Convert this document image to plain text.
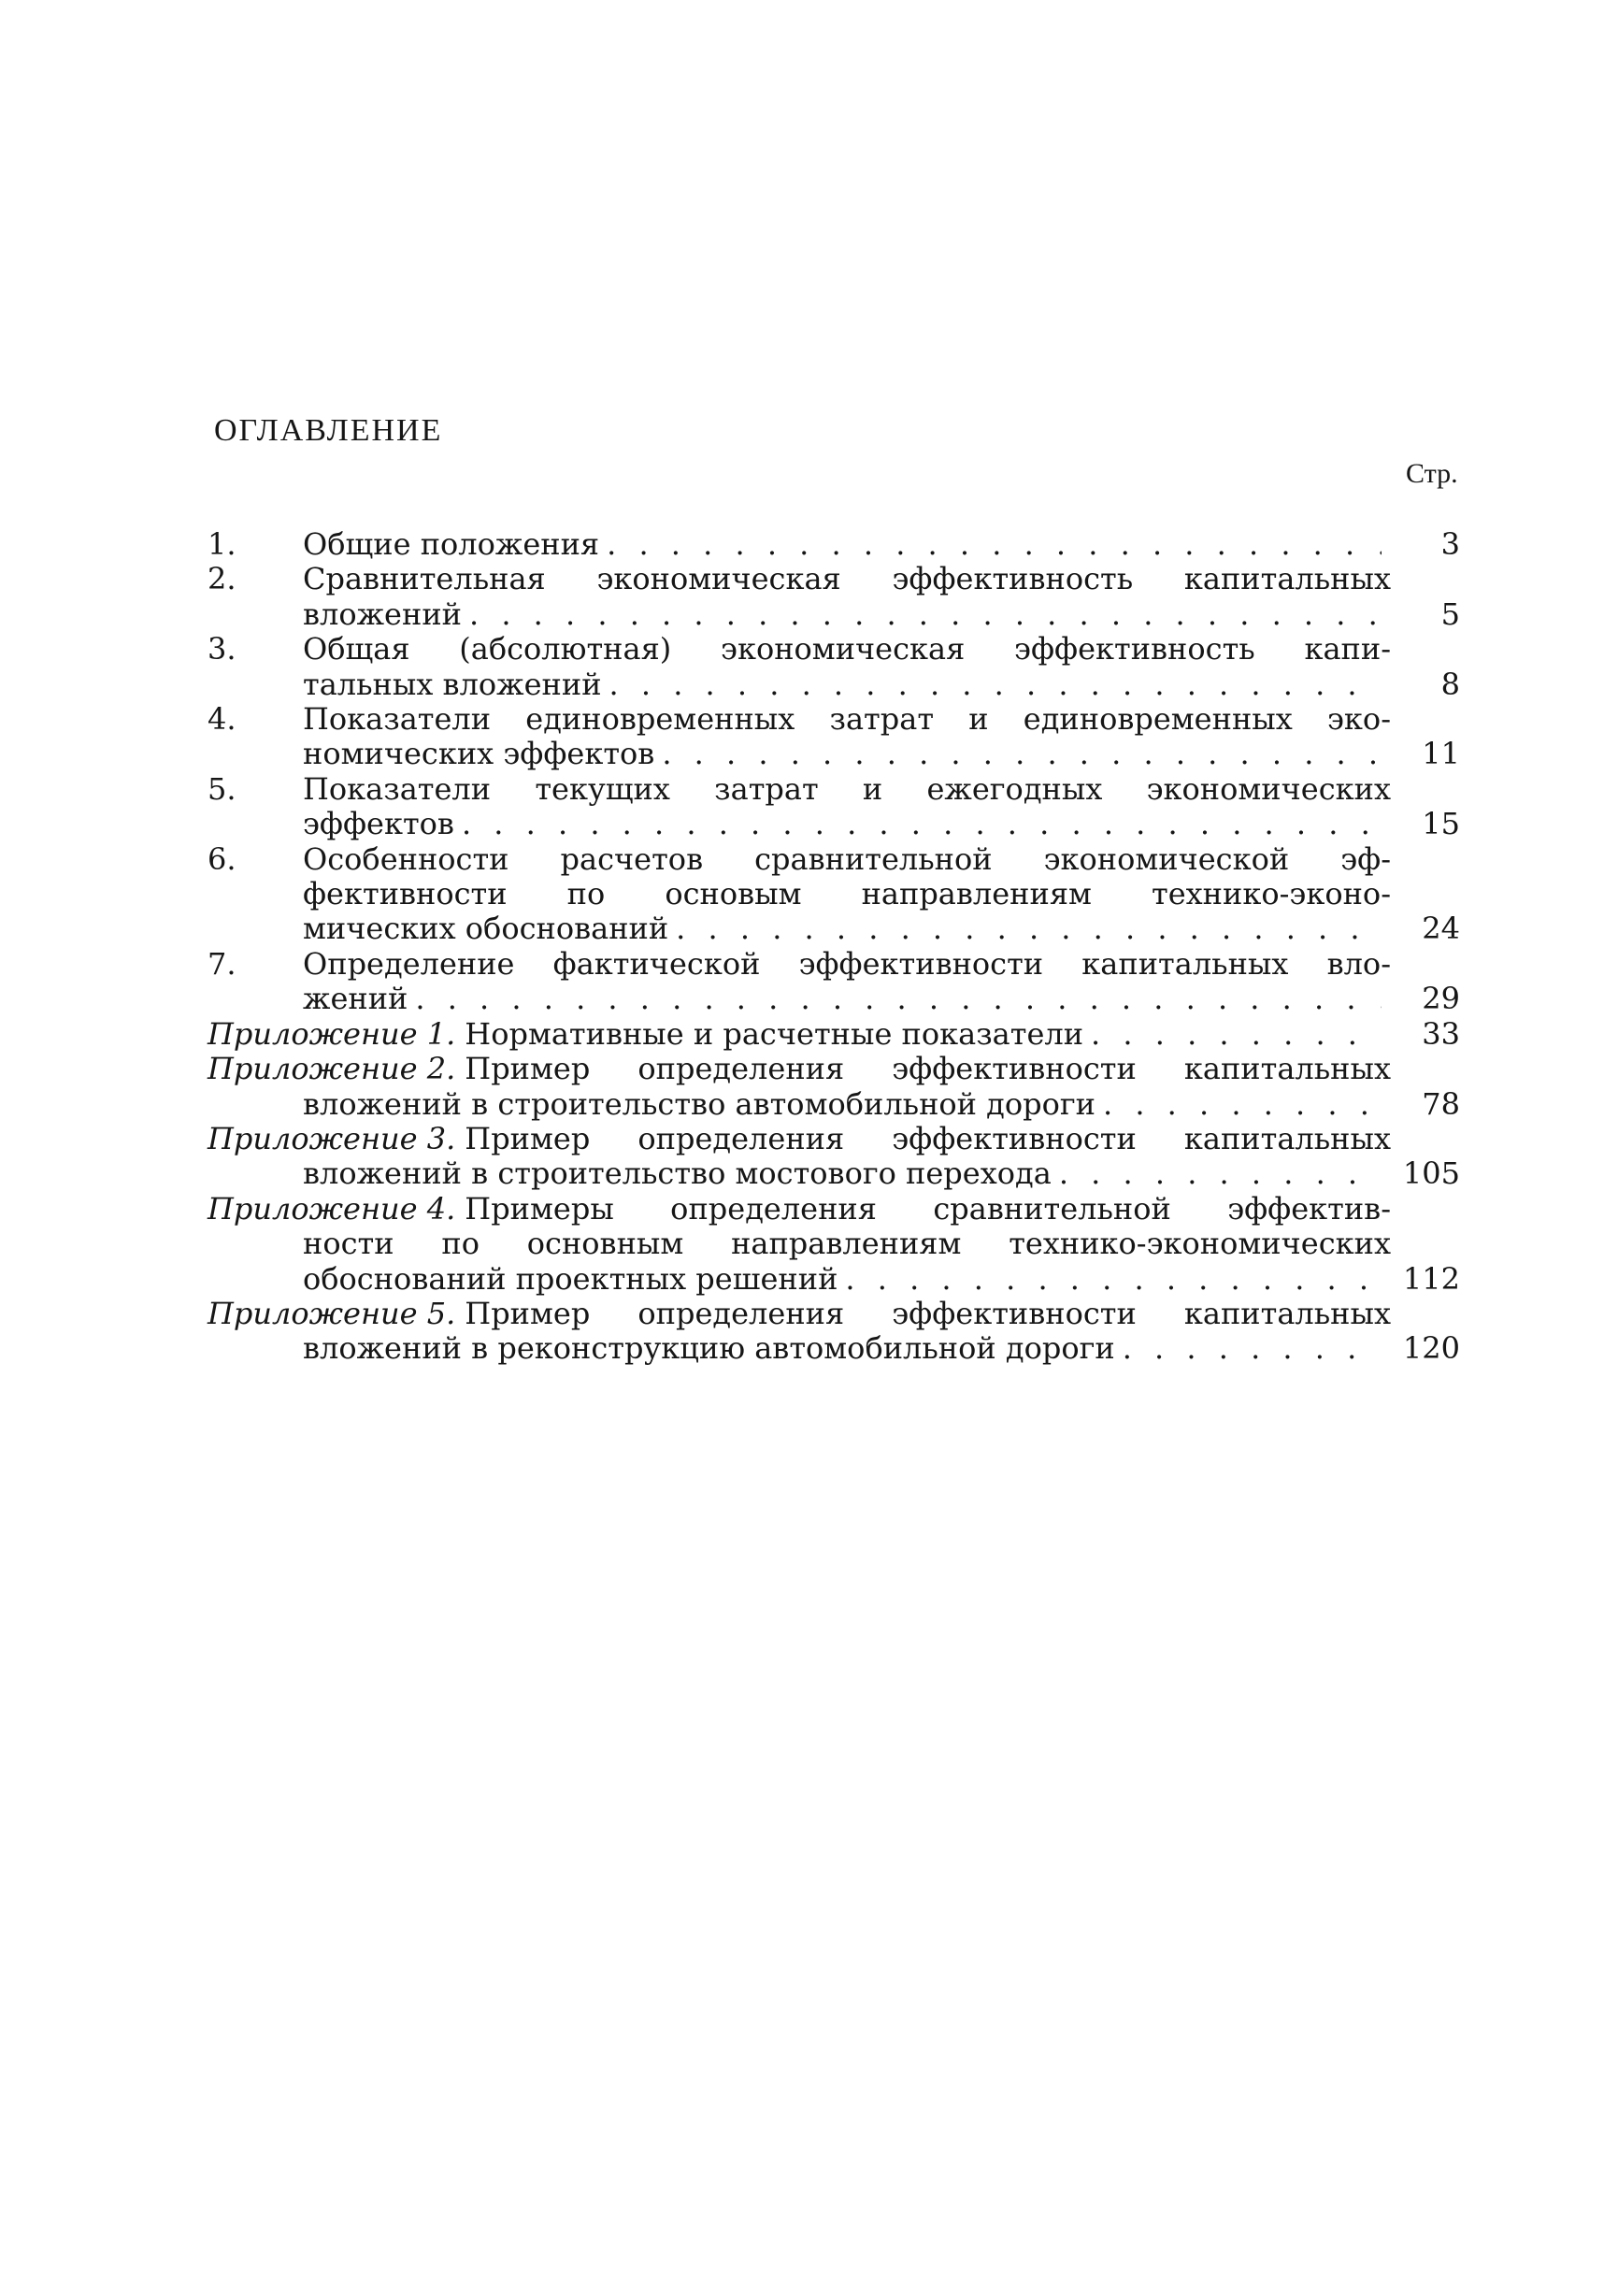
ОГЛАВЛЕНИЕ
Стр.
1.	Общие положения . . .	3
2.	Сравнительная экономическая эффективность капитальных
вложений . . .	5
3.	Общая (абсолютная) экономическая эффективность капи-
тальных вложений . . .	8
4.	Показатели единовременных затрат и единовременных эко-
номических эффектов . . .	11
5.	Показатели текущих затрат и ежегодных экономических
эффектов . . .	15
6.	Особенности расчетов сравнительной экономической эф-
фективности по основым направлениям технико-эконо-
мических обоснований . . .	24
7.	Определение фактической эффективности капитальных вло-
жений . . .	29
Приложение 1. Нормативные и расчетные показатели . . .	33
Приложение 2. Пример определения эффективности капитальных
вложений в строительство автомобильной дороги . . .	78
Приложение 3. Пример определения эффективности капитальных
вложений в строительство мостового перехода . . .	105
Приложение 4. Примеры определения сравнительной эффектив-
ности по основным направлениям технико-экономических
обоснований проектных решений . . .	112
Приложение 5. Пример определения эффективности капитальных
вложений в реконструкцию автомобильной дороги . . .	120
